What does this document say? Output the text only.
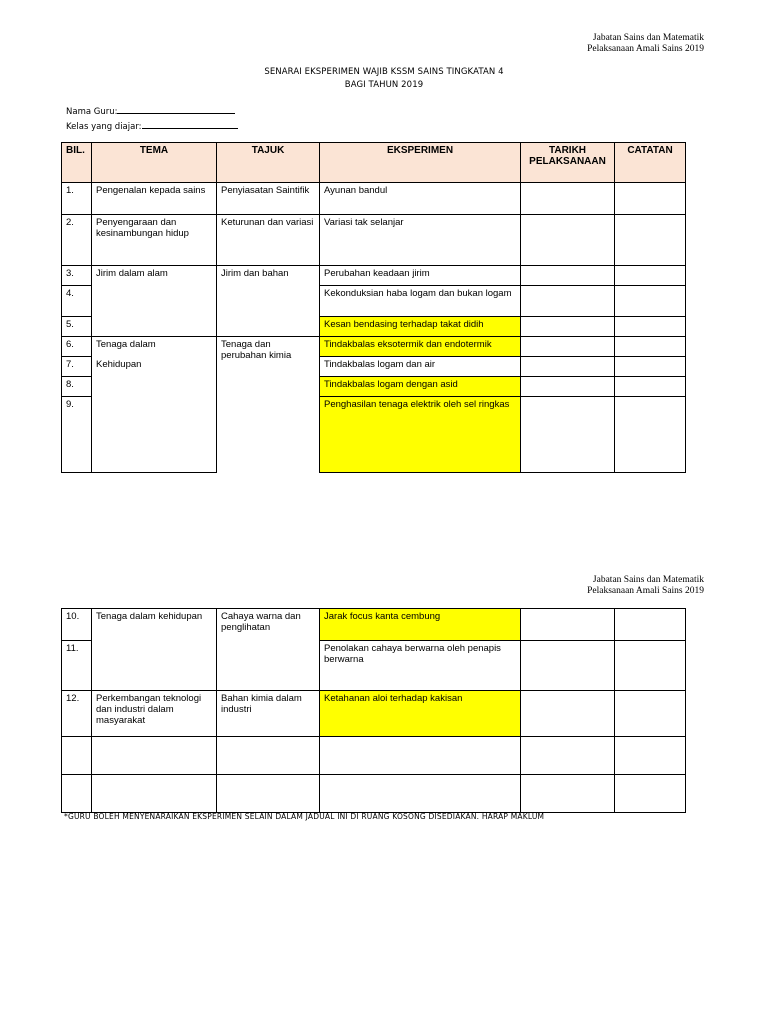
Jabatan Sains dan Matematik
Pelaksanaan Amali Sains 2019
SENARAI EKSPERIMEN WAJIB KSSM SAINS TINGKATAN 4
BAGI TAHUN 2019
Nama Guru:
Kelas yang diajar:
BIL.	TEMA	TAJUK	EKSPERIMEN	TARIKH PELAKSANAAN	CATATAN
1.	Pengenalan kepada sains	Penyiasatan Saintifik	Ayunan bandul		
2.	Penyengaraan dan kesinambungan hidup	Keturunan dan variasi	Variasi tak selanjar		
3.	Jirim dalam alam	Jirim dan bahan	Perubahan keadaan jirim		
4.			Kekonduksian haba logam dan bukan logam		
5.			Kesan bendasing terhadap takat didih		
6.	Tenaga dalam	Tenaga dan perubahan kimia	Tindakbalas eksotermik dan endotermik		
7.	Kehidupan		Tindakbalas logam dan air		
8.			Tindakbalas logam dengan asid		
9.			Penghasilan tenaga elektrik oleh sel ringkas		
Jabatan Sains dan Matematik
Pelaksanaan Amali Sains 2019
10.	Tenaga dalam kehidupan	Cahaya warna dan penglihatan	Jarak focus kanta cembung		
11.			Penolakan cahaya berwarna oleh penapis berwarna		
12.	Perkembangan teknologi dan industri dalam masyarakat	Bahan kimia dalam industri	Ketahanan aloi terhadap kakisan		

*GURU BOLEH MENYENARAIKAN EKSPERIMEN SELAIN DALAM JADUAL INI DI RUANG KOSONG DISEDIAKAN. HARAP MAKLUM
